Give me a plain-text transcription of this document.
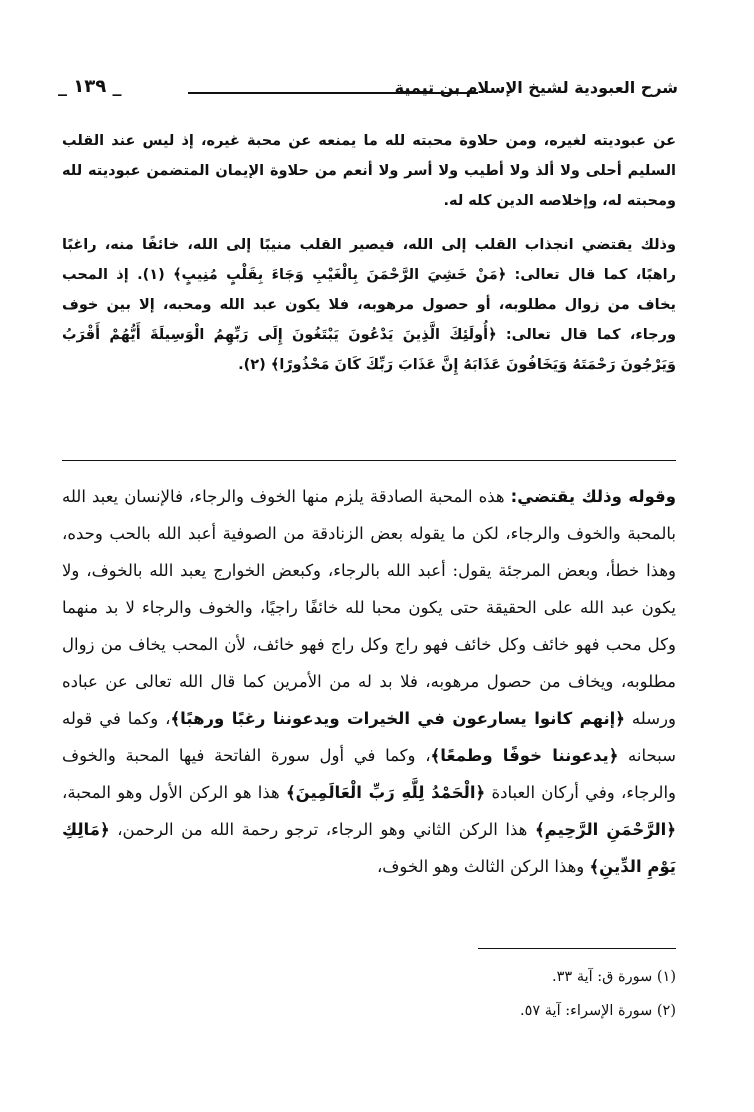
شرح العبودية لشيخ الإسلام بن تيمية
_ ١٣٩ _

عن عبوديته لغيره، ومن حلاوة محبته لله ما يمنعه عن محبة غيره، إذ ليس عند القلب السليم أحلى ولا ألذ ولا أطيب ولا أسر ولا أنعم من حلاوة الإيمان المتضمن عبوديته لله ومحبته له، وإخلاصه الدين كله له.

وذلك يقتضي انجذاب القلب إلى الله، فيصير القلب منيبًا إلى الله، خائفًا منه، راغبًا راهبًا، كما قال تعالى: ﴿مَنْ خَشِيَ الرَّحْمَنَ بِالْغَيْبِ وَجَاءَ بِقَلْبٍ مُنِيبٍ﴾ (١). إذ المحب يخاف من زوال مطلوبه، أو حصول مرهوبه، فلا يكون عبد الله ومحبه، إلا بين خوف ورجاء، كما قال تعالى: ﴿أُولَئِكَ الَّذِينَ يَدْعُونَ يَبْتَغُونَ إِلَى رَبِّهِمُ الْوَسِيلَةَ أَيُّهُمْ أَقْرَبُ وَيَرْجُونَ رَحْمَتَهُ وَيَخَافُونَ عَذَابَهُ إِنَّ عَذَابَ رَبِّكَ كَانَ مَحْذُورًا﴾ (٢).

وقوله وذلك يقتضي: هذه المحبة الصادقة يلزم منها الخوف والرجاء، فالإنسان يعبد الله بالمحبة والخوف والرجاء، لكن ما يقوله بعض الزنادقة من الصوفية أعبد الله بالحب وحده، وهذا خطأ، وبعض المرجئة يقول: أعبد الله بالرجاء، وكبعض الخوارج يعبد الله بالخوف، ولا يكون عبد الله على الحقيقة حتى يكون محبا لله خائفًا راجيًا، والخوف والرجاء لا بد منهما وكل محب فهو خائف وكل خائف فهو راج وكل راج فهو خائف، لأن المحب يخاف من زوال مطلوبه، ويخاف من حصول مرهوبه، فلا بد له من الأمرين كما قال الله تعالى عن عباده ورسله ﴿إنهم كانوا يسارعون في الخيرات ويدعوننا رغبًا ورهبًا﴾، وكما في قوله سبحانه ﴿يدعوننا خوفًا وطمعًا﴾، وكما في أول سورة الفاتحة فيها المحبة والخوف والرجاء، وفي أركان العبادة ﴿الْحَمْدُ لِلَّهِ رَبِّ الْعَالَمِينَ﴾ هذا هو الركن الأول وهو المحبة، ﴿الرَّحْمَنِ الرَّحِيمِ﴾ هذا الركن الثاني وهو الرجاء، ترجو رحمة الله من الرحمن، ﴿مَالِكِ يَوْمِ الدِّينِ﴾ وهذا الركن الثالث وهو الخوف،

(١) سورة ق: آية ٣٣.
(٢) سورة الإسراء: آية ٥٧.
